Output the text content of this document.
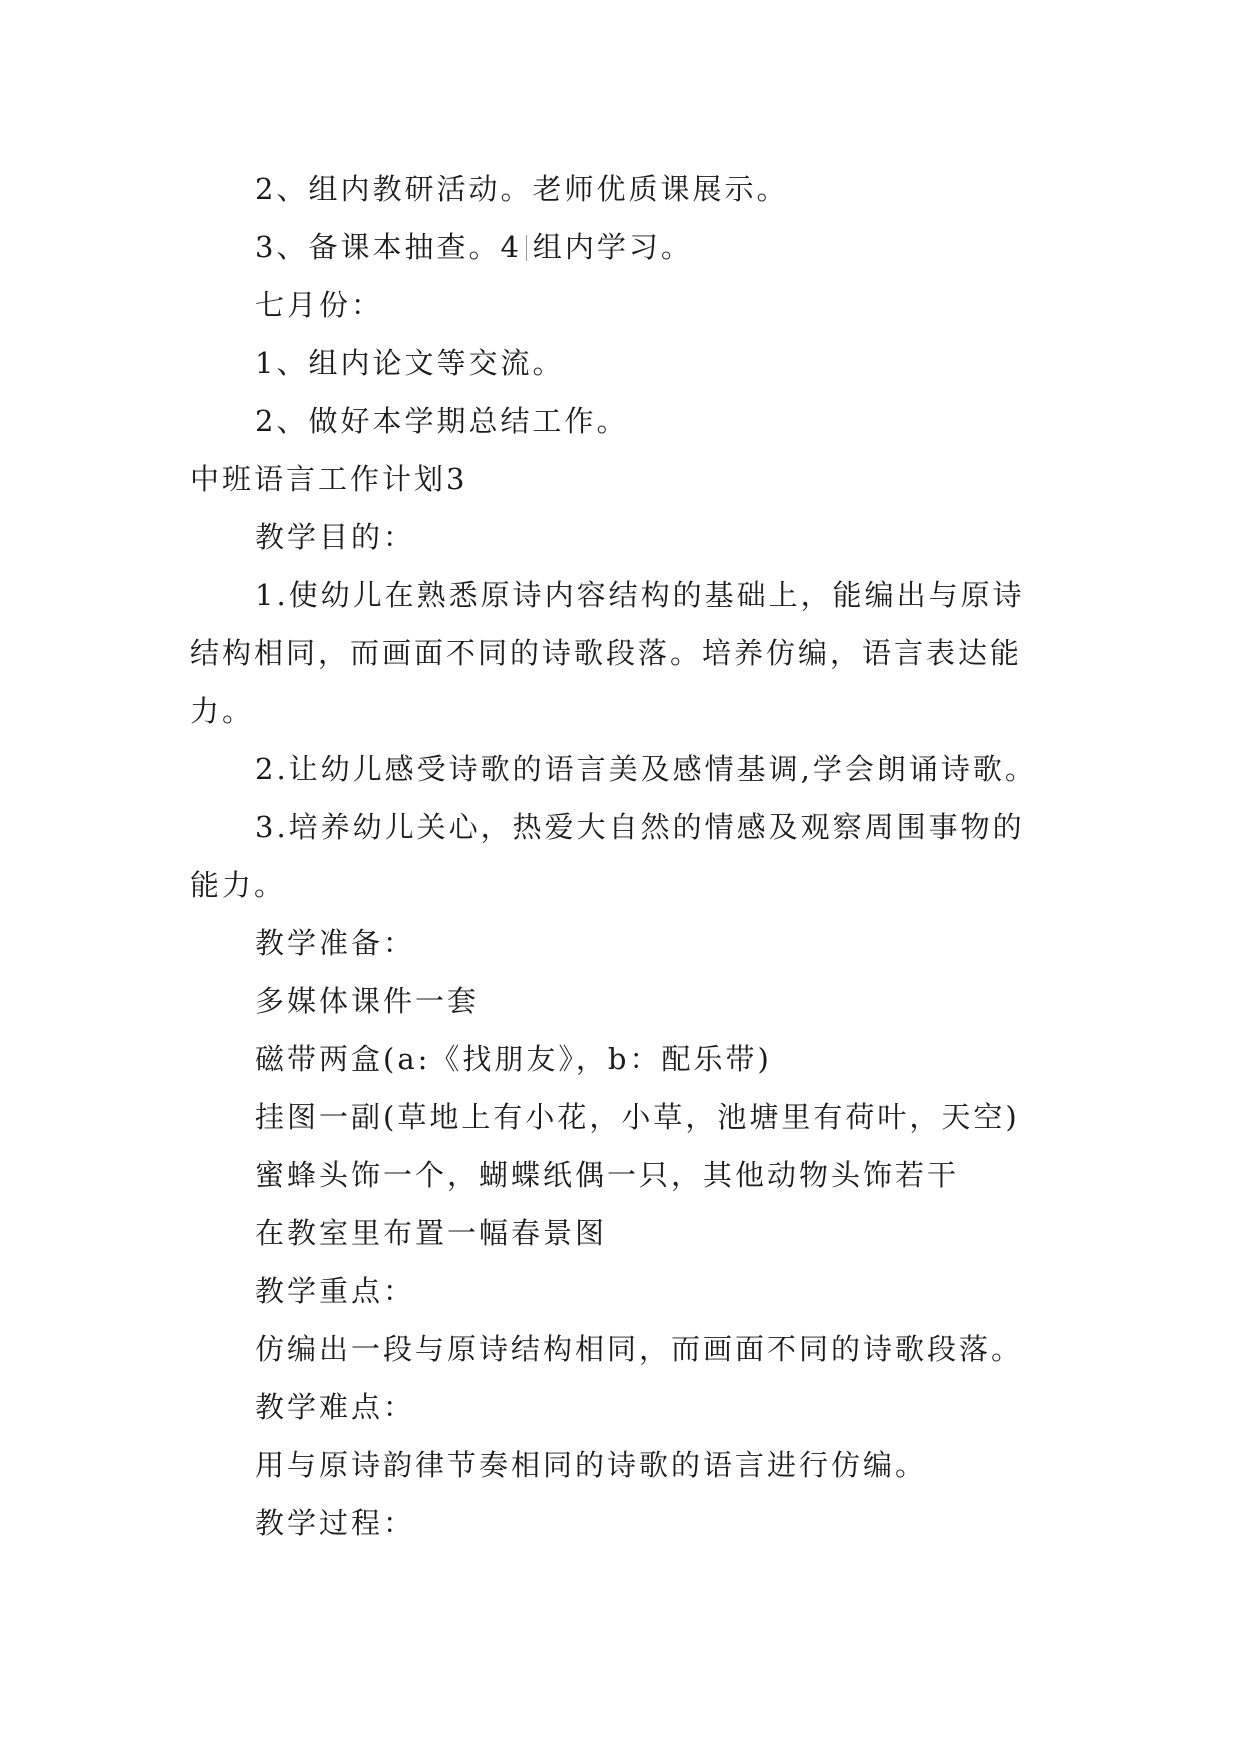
2、组内教研活动。老师优质课展示。
3、备课本抽查。4 组内学习。
七月份：
1、组内论文等交流。
2、做好本学期总结工作。
中班语言工作计划3
教学目的：
1.使幼儿在熟悉原诗内容结构的基础上，能编出与原诗
结构相同，而画面不同的诗歌段落。培养仿编，语言表达能
力。
2.让幼儿感受诗歌的语言美及感情基调,学会朗诵诗歌。
3.培养幼儿关心，热爱大自然的情感及观察周围事物的
能力。
教学准备：
多媒体课件一套
磁带两盒(a:《找朋友》，b：配乐带)
挂图一副(草地上有小花，小草，池塘里有荷叶，天空)
蜜蜂头饰一个，蝴蝶纸偶一只，其他动物头饰若干
在教室里布置一幅春景图
教学重点：
仿编出一段与原诗结构相同，而画面不同的诗歌段落。
教学难点：
用与原诗韵律节奏相同的诗歌的语言进行仿编。
教学过程：
